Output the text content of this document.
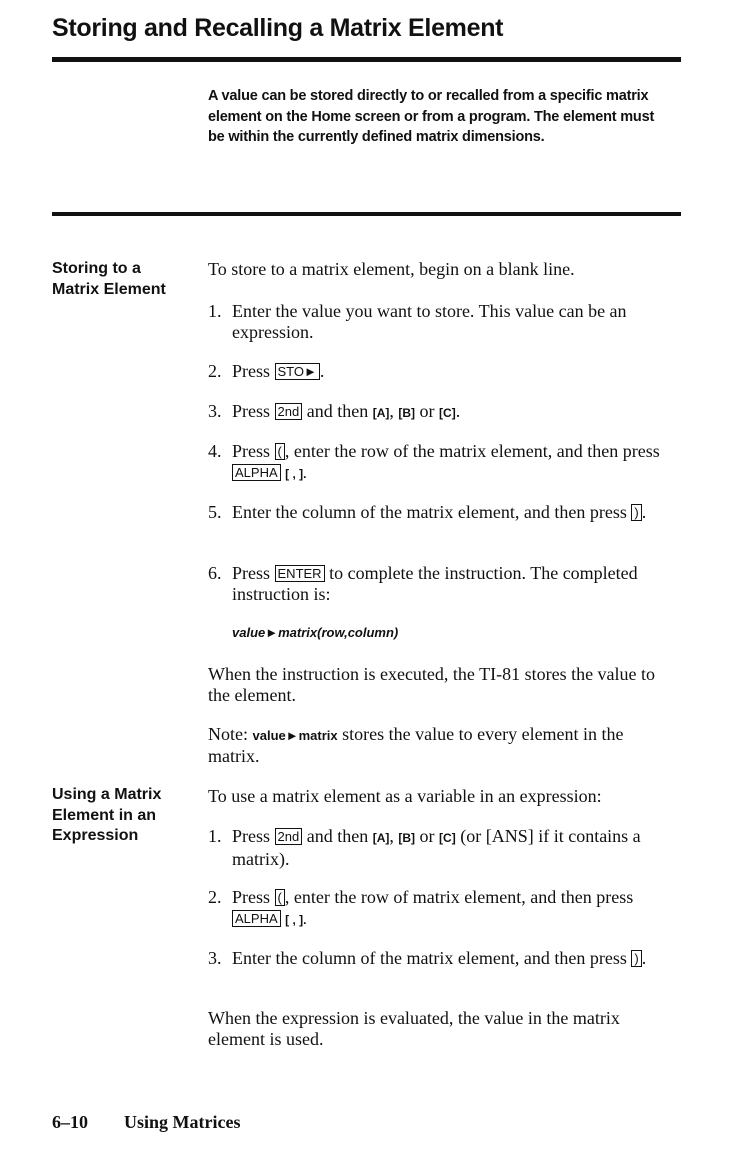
Storing and Recalling a Matrix Element
A value can be stored directly to or recalled from a specific matrix element on the Home screen or from a program. The element must be within the currently defined matrix dimensions.
Storing to a Matrix Element
To store to a matrix element, begin on a blank line.
1. Enter the value you want to store. This value can be an expression.
2. Press STO► .
3. Press 2nd and then [A], [B] or [C].
4. Press ( , enter the row of the matrix element, and then press ALPHA [ , ].
5. Enter the column of the matrix element, and then press ) .
6. Press ENTER to complete the instruction. The completed instruction is:
value►matrix(row,column)
When the instruction is executed, the TI-81 stores the value to the element.
Note: value►matrix stores the value to every element in the matrix.
Using a Matrix Element in an Expression
To use a matrix element as a variable in an expression:
1. Press 2nd and then [A], [B] or [C] (or [ANS] if it contains a matrix).
2. Press ( , enter the row of matrix element, and then press ALPHA [ , ].
3. Enter the column of the matrix element, and then press ) .
When the expression is evaluated, the value in the matrix element is used.
6–10 Using Matrices
